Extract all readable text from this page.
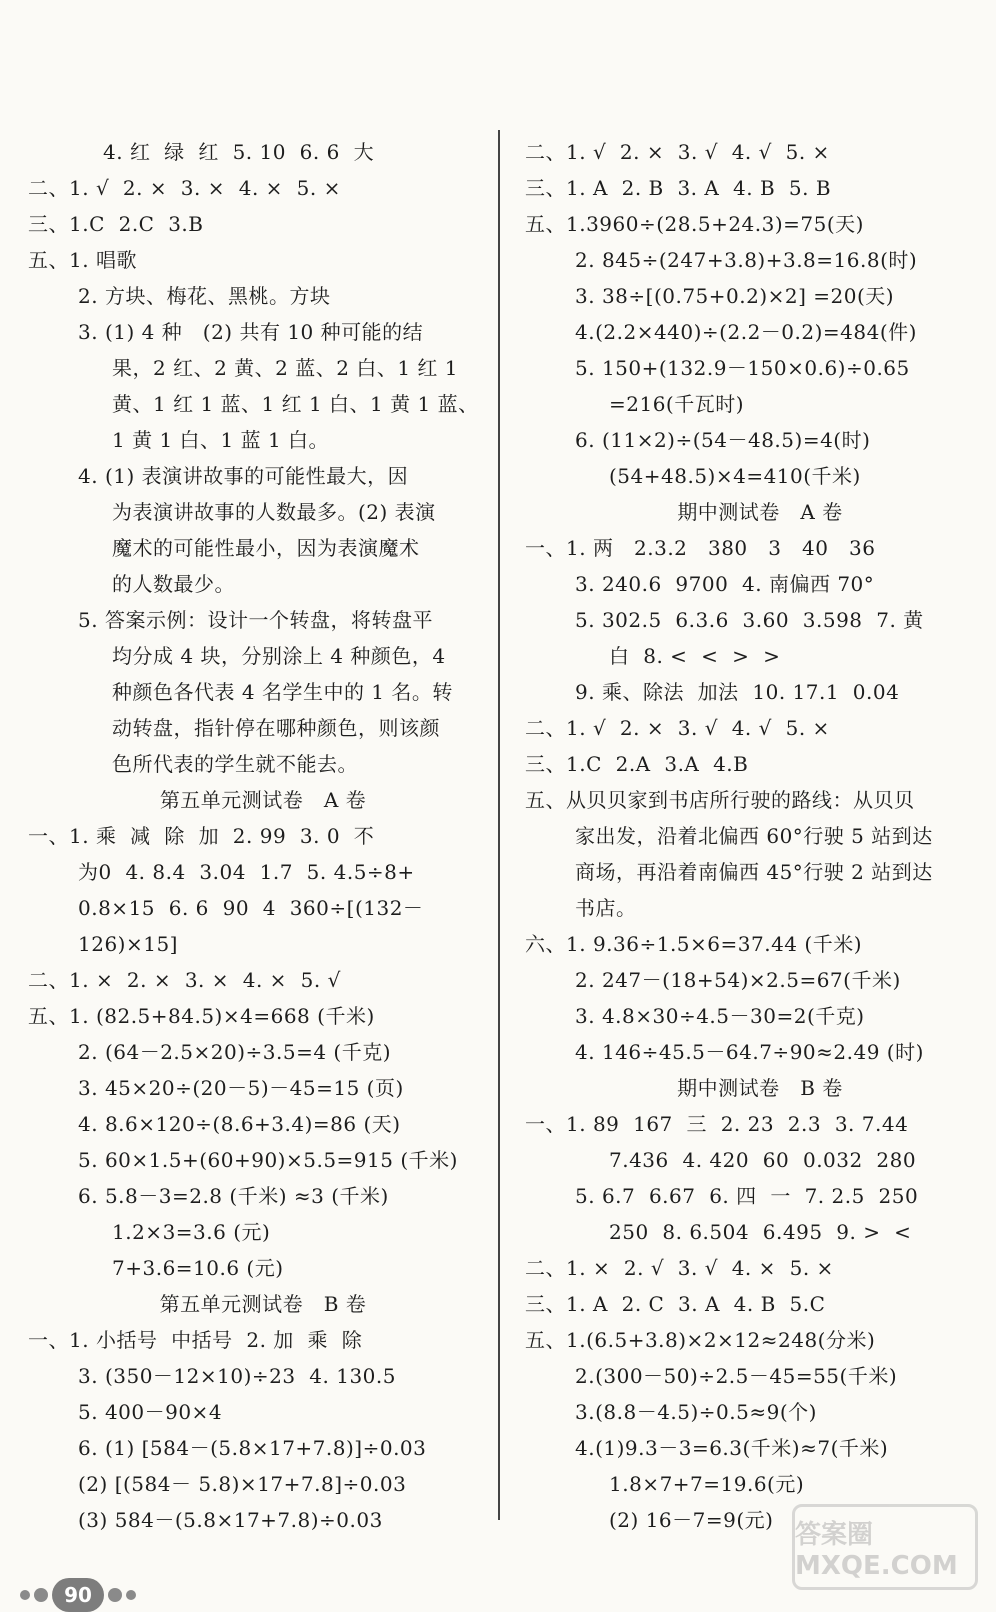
4. 红  绿  红  5. 10  6. 6  大
二、1. √  2. ×  3. ×  4. ×  5. ×
三、1.C  2.C  3.B
五、1. 唱歌
2. 方块、梅花、黑桃。方块
3. (1) 4 种   (2) 共有 10 种可能的结
果，2 红、2 黄、2 蓝、2 白、1 红 1
黄、1 红 1 蓝、1 红 1 白、1 黄 1 蓝、
1 黄 1 白、1 蓝 1 白。
4. (1) 表演讲故事的可能性最大，因
为表演讲故事的人数最多。(2) 表演
魔术的可能性最小，因为表演魔术
的人数最少。
5. 答案示例：设计一个转盘，将转盘平
均分成 4 块，分别涂上 4 种颜色，4
种颜色各代表 4 名学生中的 1 名。转
动转盘，指针停在哪种颜色，则该颜
色所代表的学生就不能去。
第五单元测试卷   A 卷
一、1. 乘  减  除  加  2. 99  3. 0  不
为0  4. 8.4  3.04  1.7  5. 4.5÷8+
0.8×15  6. 6  90  4  360÷[(132－
126)×15]
二、1. ×  2. ×  3. ×  4. ×  5. √
五、1. (82.5+84.5)×4=668 (千米)
2. (64－2.5×20)÷3.5=4 (千克)
3. 45×20÷(20－5)－45=15 (页)
4. 8.6×120÷(8.6+3.4)=86 (天)
5. 60×1.5+(60+90)×5.5=915 (千米)
6. 5.8－3=2.8 (千米) ≈3 (千米)
1.2×3=3.6 (元)
7+3.6=10.6 (元)
第五单元测试卷   B 卷
一、1. 小括号  中括号  2. 加  乘  除
3. (350－12×10)÷23  4. 130.5
5. 400－90×4
6. (1) [584－(5.8×17+7.8)]÷0.03
(2) [(584－ 5.8)×17+7.8]÷0.03
(3) 584－(5.8×17+7.8)÷0.03
二、1. √  2. ×  3. √  4. √  5. ×
三、1. A  2. B  3. A  4. B  5. B
五、1.3960÷(28.5+24.3)=75(天)
2. 845÷(247+3.8)+3.8=16.8(时)
3. 38÷[(0.75+0.2)×2] =20(天)
4.(2.2×440)÷(2.2－0.2)=484(件)
5. 150+(132.9－150×0.6)÷0.65
=216(千瓦时)
6. (11×2)÷(54－48.5)=4(时)
(54+48.5)×4=410(千米)
期中测试卷   A 卷
一、1. 两   2.3.2   380   3   40   36
3. 240.6  9700  4. 南偏西 70°
5. 302.5  6.3.6  3.60  3.598  7. 黄
白  8. <  <  >  >
9. 乘、除法  加法  10. 17.1  0.04
二、1. √  2. ×  3. √  4. √  5. ×
三、1.C  2.A  3.A  4.B
五、从贝贝家到书店所行驶的路线：从贝贝
家出发，沿着北偏西 60°行驶 5 站到达
商场，再沿着南偏西 45°行驶 2 站到达
书店。
六、1. 9.36÷1.5×6=37.44 (千米)
2. 247－(18+54)×2.5=67(千米)
3. 4.8×30÷4.5－30=2(千克)
4. 146÷45.5－64.7÷90≈2.49 (时)
期中测试卷   B 卷
一、1. 89  167  三  2. 23  2.3  3. 7.44
7.436  4. 420  60  0.032  280
5. 6.7  6.67  6. 四  一  7. 2.5  250
250  8. 6.504  6.495  9. >  <
二、1. ×  2. √  3. √  4. ×  5. ×
三、1. A  2. C  3. A  4. B  5.C
五、1.(6.5+3.8)×2×12≈248(分米)
2.(300－50)÷2.5－45=55(千米)
3.(8.8－4.5)÷0.5≈9(个)
4.(1)9.3－3=6.3(千米)≈7(千米)
1.8×7+7=19.6(元)
(2) 16－7=9(元)
90
答案圈 MXQE.COM
